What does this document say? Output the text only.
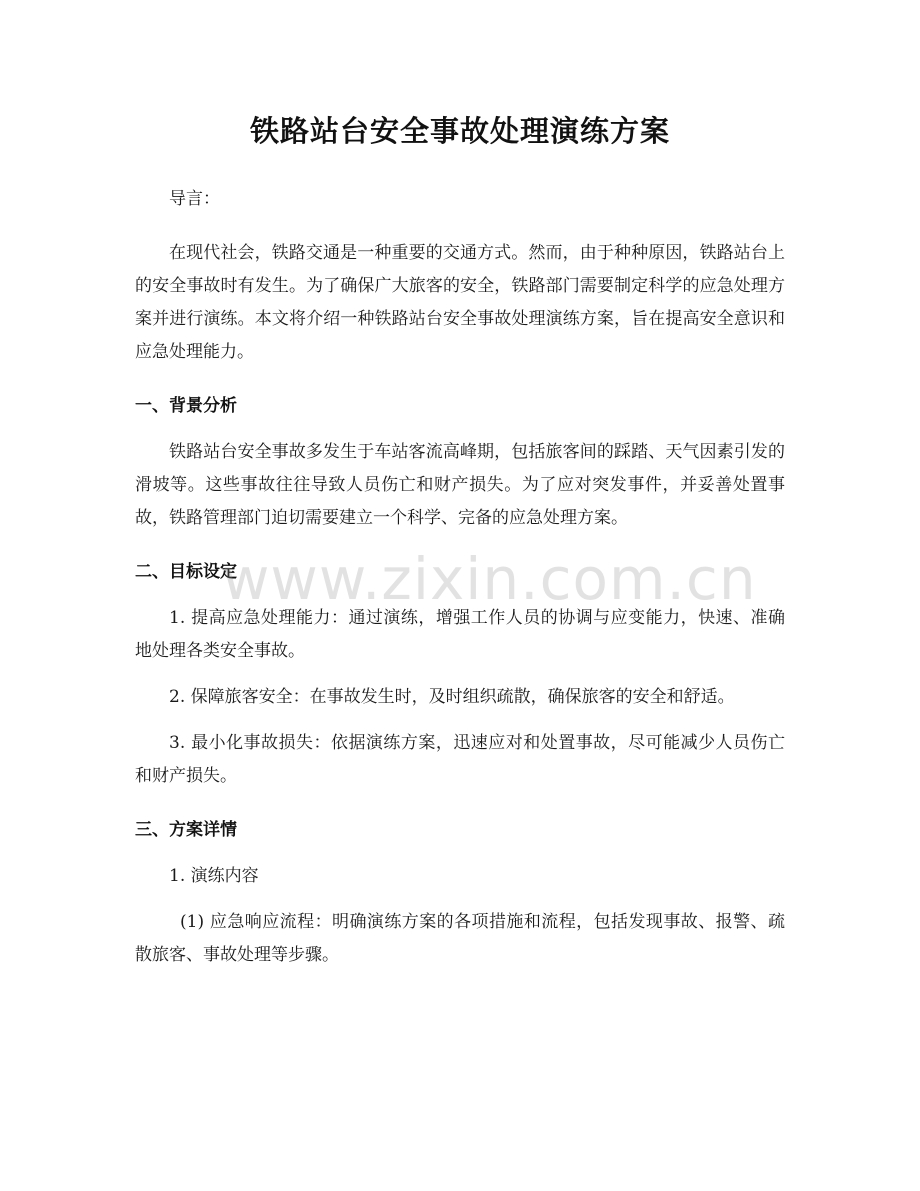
铁路站台安全事故处理演练方案

导言：

在现代社会，铁路交通是一种重要的交通方式。然而，由于种种原因，铁路站台上的安全事故时有发生。为了确保广大旅客的安全，铁路部门需要制定科学的应急处理方案并进行演练。本文将介绍一种铁路站台安全事故处理演练方案，旨在提高安全意识和应急处理能力。

一、背景分析

铁路站台安全事故多发生于车站客流高峰期，包括旅客间的踩踏、天气因素引发的滑坡等。这些事故往往导致人员伤亡和财产损失。为了应对突发事件，并妥善处置事故，铁路管理部门迫切需要建立一个科学、完备的应急处理方案。

二、目标设定

1. 提高应急处理能力：通过演练，增强工作人员的协调与应变能力，快速、准确地处理各类安全事故。

2. 保障旅客安全：在事故发生时，及时组织疏散，确保旅客的安全和舒适。

3. 最小化事故损失：依据演练方案，迅速应对和处置事故，尽可能减少人员伤亡和财产损失。

三、方案详情

1. 演练内容

(1) 应急响应流程：明确演练方案的各项措施和流程，包括发现事故、报警、疏散旅客、事故处理等步骤。

www.zixin.com.cn
